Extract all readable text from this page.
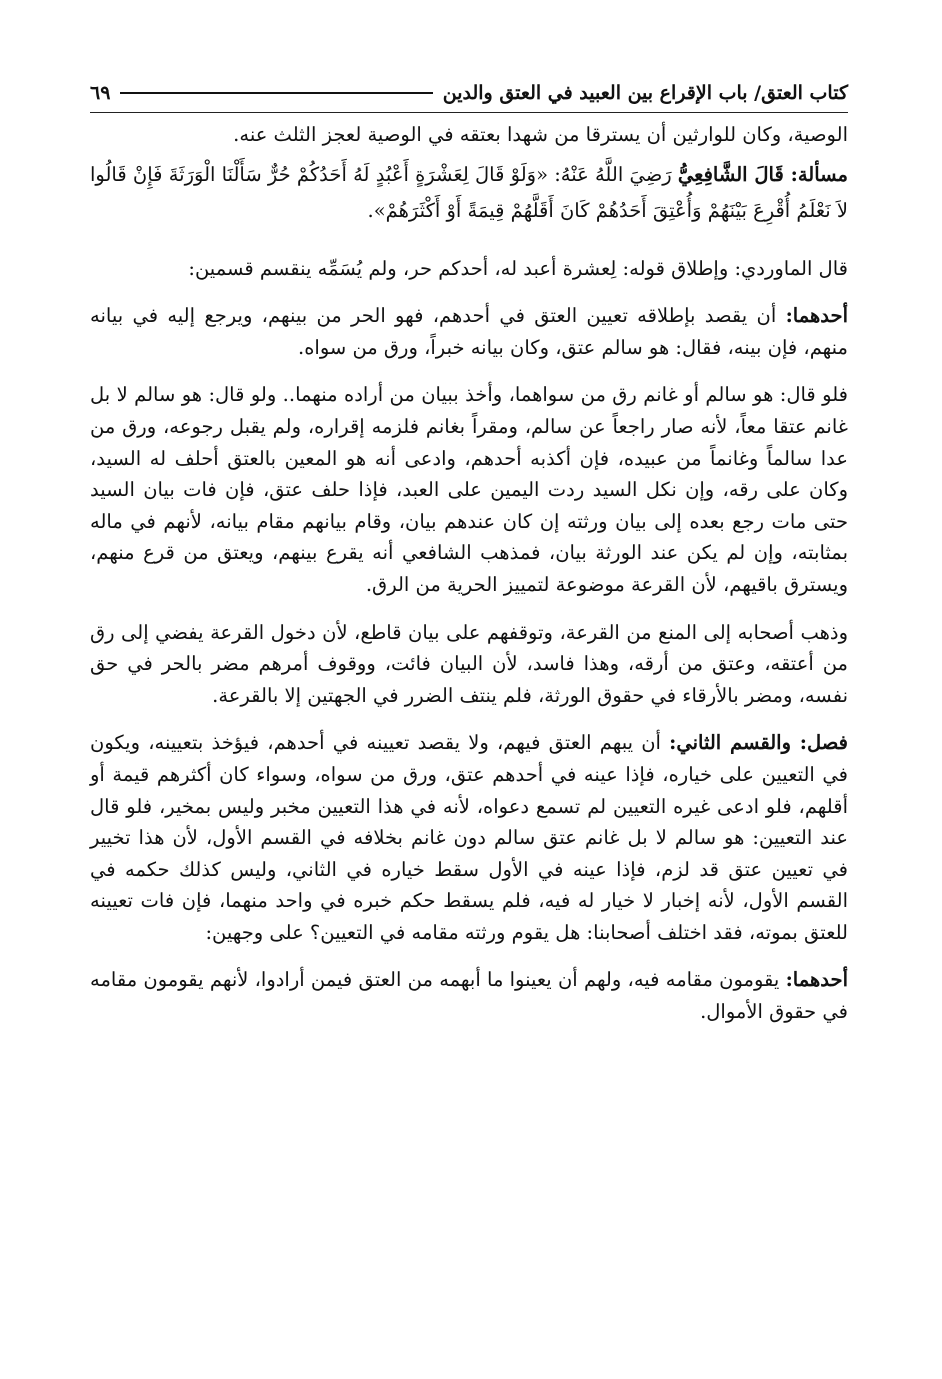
كتاب العتق/ باب الإقراع بين العبيد في العتق والدين
٦٩

الوصية، وكان للوارثين أن يسترقا من شهدا بعتقه في الوصية لعجز الثلث عنه.

مسألة: قَالَ الشَّافِعِيُّ رَضِيَ اللَّهُ عَنْهُ: «وَلَوْ قَالَ لِعَشْرَةٍ أَعْبُدٍ لَهُ أَحَدُكُمْ حُرٌّ سَأَلْنَا الْوَرَثَةَ فَإِنْ قَالُوا لاَ نَعْلَمُ أُقْرِعَ بَيْنَهُمْ وَأُعْتِقَ أَحَدُهُمْ كَانَ أَقَلَّهُمْ قِيمَةً أَوْ أَكْثَرَهُمْ».

قال الماوردي: وإطلاق قوله: لِعشرة أعبد له، أحدكم حر، ولم يُسَمِّه ينقسم قسمين:

أحدهما: أن يقصد بإطلاقه تعيين العتق في أحدهم، فهو الحر من بينهم، ويرجع إليه في بيانه منهم، فإن بينه، فقال: هو سالم عتق، وكان بيانه خبراً، ورق من سواه.

فلو قال: هو سالم أو غانم رق من سواهما، وأخذ ببيان من أراده منهما.. ولو قال: هو سالم لا بل غانم عتقا معاً، لأنه صار راجعاً عن سالم، ومقراً بغانم فلزمه إقراره، ولم يقبل رجوعه، ورق من عدا سالماً وغانماً من عبيده، فإن أكذبه أحدهم، وادعى أنه هو المعين بالعتق أحلف له السيد، وكان على رقه، وإن نكل السيد ردت اليمين على العبد، فإذا حلف عتق، فإن فات بيان السيد حتى مات رجع بعده إلى بيان ورثته إن كان عندهم بيان، وقام بيانهم مقام بيانه، لأنهم في ماله بمثابته، وإن لم يكن عند الورثة بيان، فمذهب الشافعي أنه يقرع بينهم، ويعتق من قرع منهم، ويسترق باقيهم، لأن القرعة موضوعة لتمييز الحرية من الرق.

وذهب أصحابه إلى المنع من القرعة، وتوقفهم على بيان قاطع، لأن دخول القرعة يفضي إلى رق من أعتقه، وعتق من أرقه، وهذا فاسد، لأن البيان فائت، ووقوف أمرهم مضر بالحر في حق نفسه، ومضر بالأرقاء في حقوق الورثة، فلم ينتف الضرر في الجهتين إلا بالقرعة.

فصل: والقسم الثاني: أن يبهم العتق فيهم، ولا يقصد تعيينه في أحدهم، فيؤخذ بتعيينه، ويكون في التعيين على خياره، فإذا عينه في أحدهم عتق، ورق من سواه، وسواء كان أكثرهم قيمة أو أقلهم، فلو ادعى غيره التعيين لم تسمع دعواه، لأنه في هذا التعيين مخبر وليس بمخير، فلو قال عند التعيين: هو سالم لا بل غانم عتق سالم دون غانم بخلافه في القسم الأول، لأن هذا تخيير في تعيين عتق قد لزم، فإذا عينه في الأول سقط خياره في الثاني، وليس كذلك حكمه في القسم الأول، لأنه إخبار لا خيار له فيه، فلم يسقط حكم خبره في واحد منهما، فإن فات تعيينه للعتق بموته، فقد اختلف أصحابنا: هل يقوم ورثته مقامه في التعيين؟ على وجهين:

أحدهما: يقومون مقامه فيه، ولهم أن يعينوا ما أبهمه من العتق فيمن أرادوا، لأنهم يقومون مقامه في حقوق الأموال.
